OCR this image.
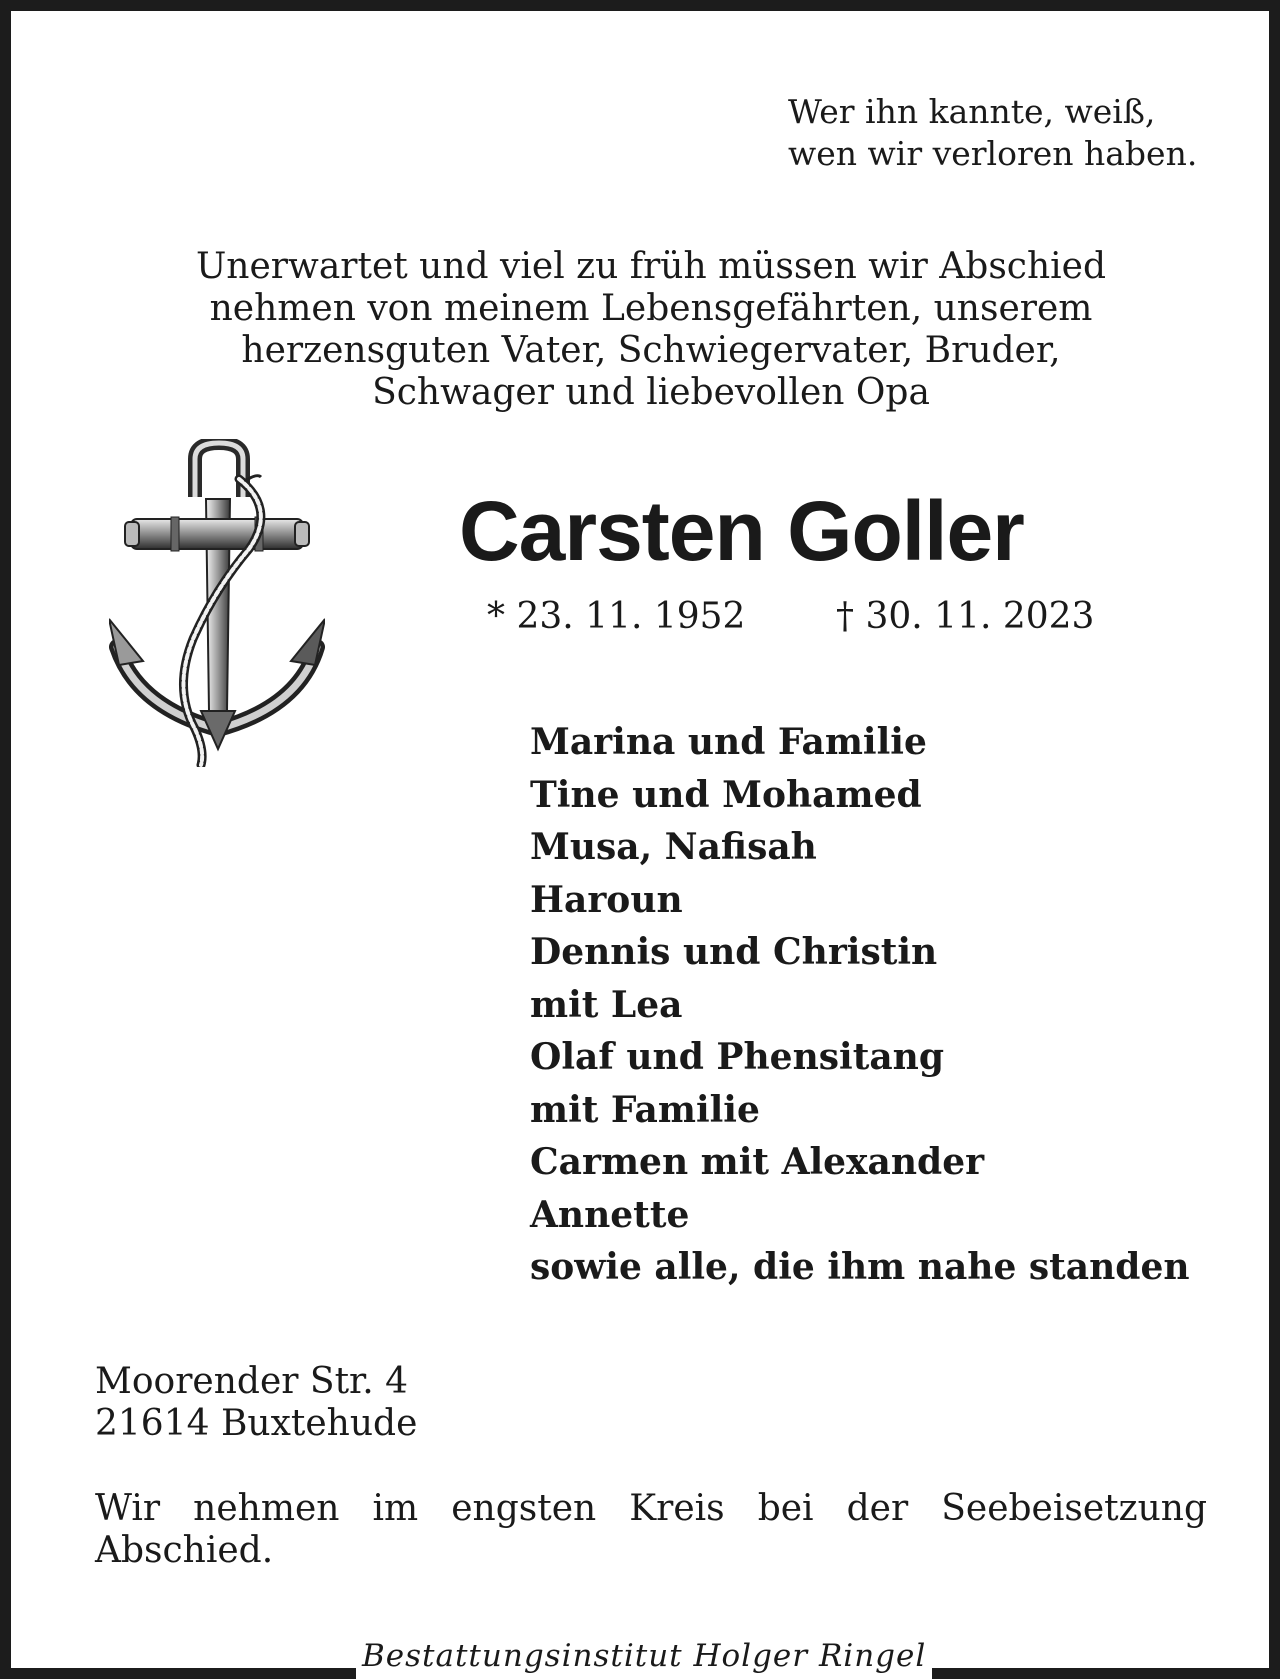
Wer ihn kannte, weiß,
wen wir verloren haben.
Unerwartet und viel zu früh müssen wir Abschied
nehmen von meinem Lebensgefährten, unserem
herzensguten Vater, Schwiegervater, Bruder,
Schwager und liebevollen Opa
Carsten Goller
* 23. 11. 1952	† 30. 11. 2023
Marina und Familie
Tine und Mohamed
Musa, Nafisah
Haroun
Dennis und Christin
mit Lea
Olaf und Phensitang
mit Familie
Carmen mit Alexander
Annette
sowie alle, die ihm nahe standen
Moorender Str. 4
21614 Buxtehude
Wir nehmen im engsten Kreis bei der Seebeisetzung Abschied.
Bestattungsinstitut Holger Ringel
